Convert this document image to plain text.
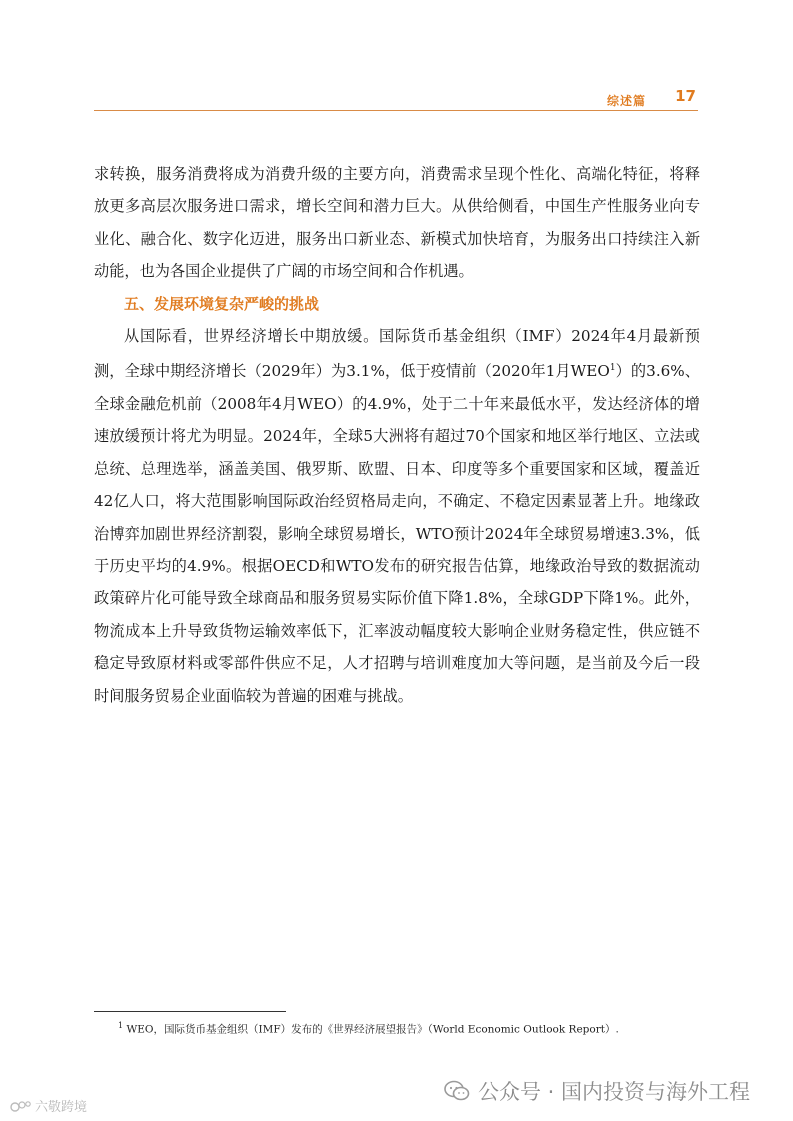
综述篇 17

求转换，服务消费将成为消费升级的主要方向，消费需求呈现个性化、高端化特征，将释放更多高层次服务进口需求，增长空间和潜力巨大。从供给侧看，中国生产性服务业向专业化、融合化、数字化迈进，服务出口新业态、新模式加快培育，为服务出口持续注入新动能，也为各国企业提供了广阔的市场空间和合作机遇。

五、发展环境复杂严峻的挑战

从国际看，世界经济增长中期放缓。国际货币基金组织（IMF）2024年4月最新预测，全球中期经济增长（2029年）为3.1%，低于疫情前（2020年1月WEO$^1$）的3.6%、全球金融危机前（2008年4月WEO）的4.9%，处于二十年来最低水平，发达经济体的增速放缓预计将尤为明显。2024年，全球5大洲将有超过70个国家和地区举行地区、立法或总统、总理选举，涵盖美国、俄罗斯、欧盟、日本、印度等多个重要国家和区域，覆盖近42亿人口，将大范围影响国际政治经贸格局走向，不确定、不稳定因素显著上升。地缘政治博弈加剧世界经济割裂，影响全球贸易增长，WTO预计2024年全球贸易增速3.3%，低于历史平均的4.9%。根据OECD和WTO发布的研究报告估算，地缘政治导致的数据流动政策碎片化可能导致全球商品和服务贸易实际价值下降1.8%，全球GDP下降1%。此外，物流成本上升导致货物运输效率低下，汇率波动幅度较大影响企业财务稳定性，供应链不稳定导致原材料或零部件供应不足，人才招聘与培训难度加大等问题，是当前及今后一段时间服务贸易企业面临较为普遍的困难与挑战。

$^1$ WEO，国际货币基金组织（IMF）发布的《世界经济展望报告》（World Economic Outlook Report）.
公众号 · 国内投资与海外工程
六敬跨境
